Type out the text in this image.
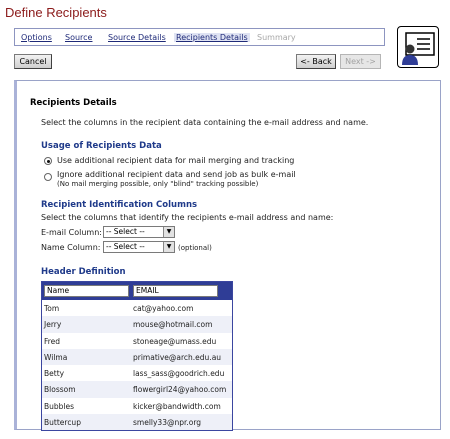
Define Recipients
Options Source Source Details Recipients Details Summary
Cancel	<- Back	Next ->
Recipients Details
Select the columns in the recipient data containing the e-mail address and name.
Usage of Recipients Data
Use additional recipient data for mail merging and tracking
Ignore additional recipient data and send job as bulk e-mail
(No mail merging possible, only "blind" tracking possible)
Recipient Identification Columns
Select the columns that identify the recipients e-mail address and name:
E-mail Column: -- Select --	▼
Name Column: -- Select --	▼ (optional)
Header Definition
Name	EMAIL
Tom	cat@yahoo.com
Jerry	mouse@hotmail.com
Fred	stoneage@umass.edu
Wilma	primative@arch.edu.au
Betty	lass_sass@goodrich.edu
Blossom	flowergirl24@yahoo.com
Bubbles	kicker@bandwidth.com
Buttercup	smelly33@npr.org
